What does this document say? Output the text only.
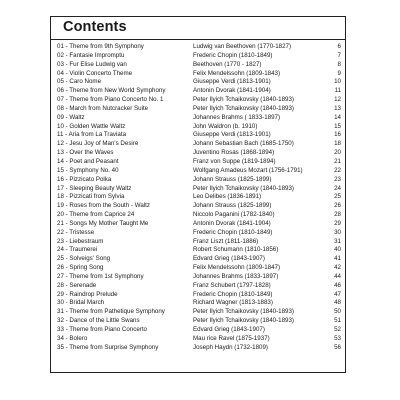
Contents
01 - Theme from 9th Symphony	Ludwig van Beethoven (1770-1827)	6
02 - Fantasie Impromptu	Frederic Chopin (1810-1849)	7
03 - Fur Elise Ludwig van	Beethoven (1770 - 1827)	8
04 - Violin Concerto Theme	Felix Mendelssohn (1809-1843)	9
05 - Caro Nome	Giuseppe Verdi (1813-1901)	10
06 - Theme from New World Symphony	Antonin Dvorak (1841-1904)	11
07 - Theme from Piano Concerto No. 1	Peter Ilyich Tchaikovsky (1840-1893)	12
08 - March from Nutcracker Suite	Peter Ilyich Tchaikovsky (1840-1893)	13
09 - Waltz	Johannes Brahms ( 1833-1897)	14
10 - Golden Wattle Waltz	John Waldron (b. 1910)	15
11 - Aria from La Traviata	Giuseppe Verdi (1813-1901)	16
12 - Jesu Joy of Man's Desire	Johann Sebastian Bach (1685-1750)	18
13 - Over the Waves	Juventino Rosas (1868-1894)	20
14 - Poet and Peasant	Franz von Suppe (1819-1894)	21
15 - Symphony No. 40	Wolfgang Amadeus Mozart (1756-1791)	22
16 - Pizzicato Polka	Johann Strauss (1825-1899)	23
17 - Sleeping Beauty Waltz	Peter Ilyich Tchaikovsky (1840-1893)	24
18 - Pizzicati from Sylvia	Leo Delibes (1836-1891)	25
19 - Roses from the South - Waltz	Johann Strauss (1825-1899)	26
20 - Theme from Caprice 24	Niccolo Paganini (1782-1840)	28
21 - Songs My Mother Taught Me	Antonin Dvorak (1841-1904)	29
22 - Tristesse	Frederic Chopin (1810-1849)	30
23 - Liebestraum	Franz Liszt (1811-1886)	31
24 - Traumerei	Robert Schumann (1810-1856)	40
25 - Solveigs' Song	Edvard Grieg (1843-1907)	41
26 - Spring Song	Felix Mendelssohn (1809-1847)	42
27 - Theme from 1st Symphony	Johannes Brahms (1833-1897)	44
28 - Serenade	Franz Schubert (1797-1828)	46
29 - Raindrop Prelude	Frederic Chopin (1810-1849)	47
30 - Bridal March	Richard Wagner (1813-1883)	48
31 - Theme from Pathetique Symphony	Peter Ilyich Tchaikovsky (1840-1893)	50
32 - Dance of the Little Swans	Peter Ilyich Tchaikovsky (1840-1893)	51
33 - Theme from Piano Concerto	Edvard Grieg (1843-1907)	52
34 - Bolero	Mau rice Ravel (1875-1937)	53
35 - Theme from Surprise Symphony	Joseph Haydn (1732-1809)	56
